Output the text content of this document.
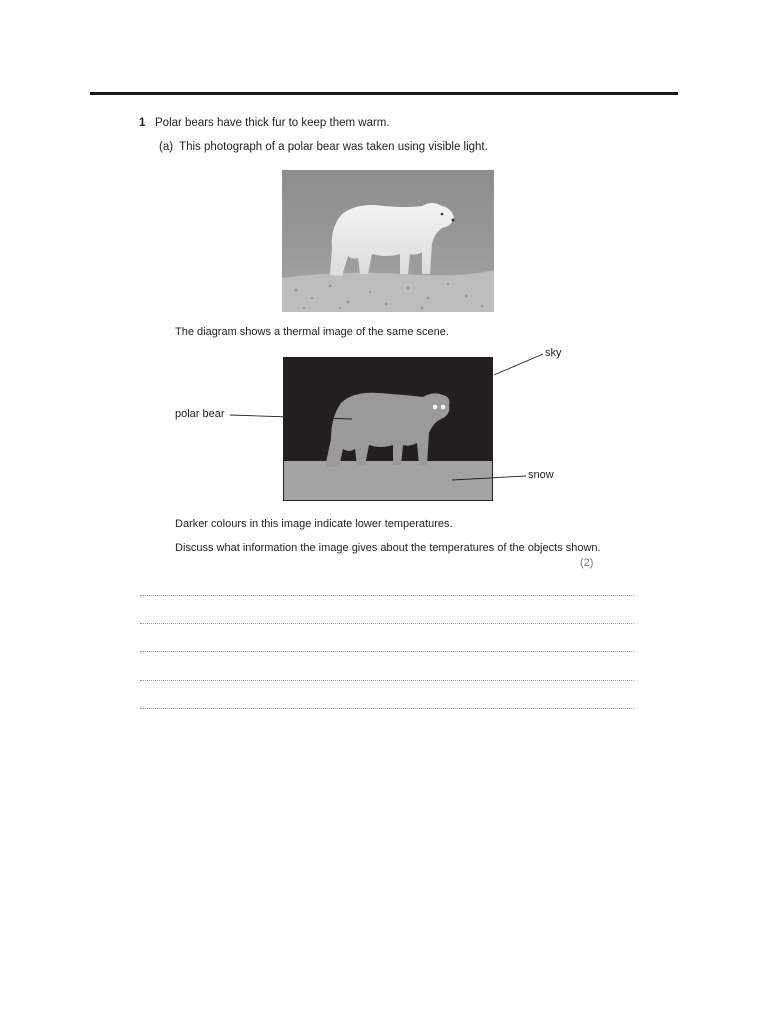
1 Polar bears have thick fur to keep them warm.
(a) This photograph of a polar bear was taken using visible light.
The diagram shows a thermal image of the same scene.
sky
polar bear
snow
Darker colours in this image indicate lower temperatures.
Discuss what information the image gives about the temperatures of the objects shown.
(2)
